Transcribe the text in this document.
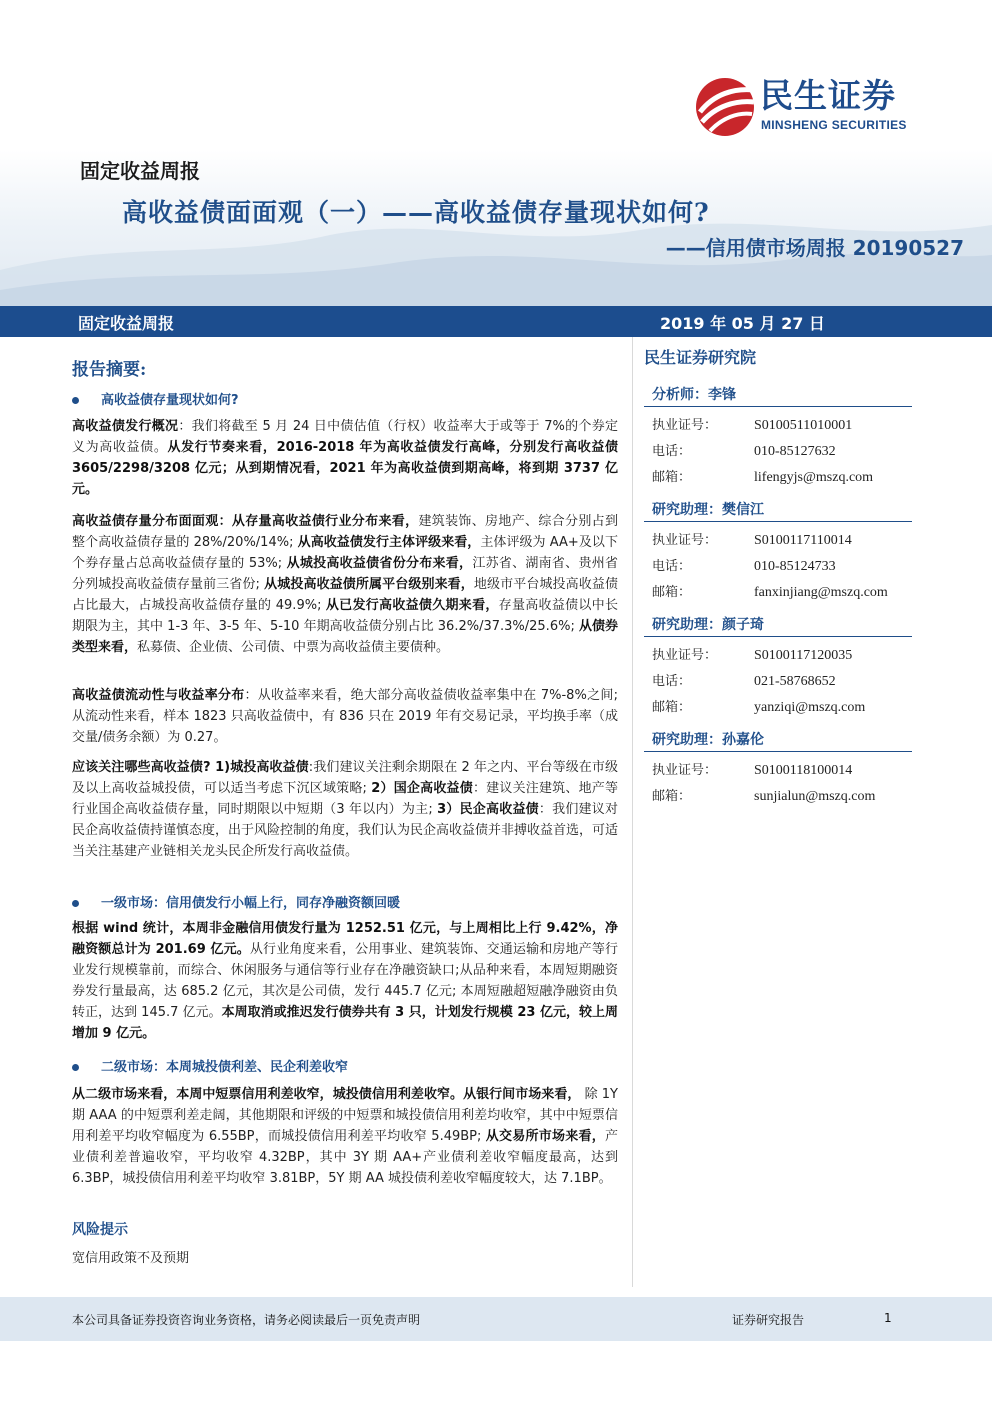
民生证券
MINSHENG SECURITIES
固定收益周报
高收益债面面观（一）——高收益债存量现状如何?
——信用债市场周报 20190527
固定收益周报	2019 年 05 月 27 日
报告摘要:
高收益债存量现状如何?
高收益债发行概况：我们将截至 5 月 24 日中债估值（行权）收益率大于或等于 7%的个券定义为高收益债。从发行节奏来看，2016-2018 年为高收益债发行高峰，分别发行高收益债 3605/2298/3208 亿元；从到期情况看，2021 年为高收益债到期高峰，将到期 3737 亿元。
高收益债存量分布面面观：从存量高收益债行业分布来看，建筑装饰、房地产、综合分别占到整个高收益债存量的 28%/20%/14%; 从高收益债发行主体评级来看，主体评级为 AA+及以下个券存量占总高收益债存量的 53%; 从城投高收益债省份分布来看，江苏省、湖南省、贵州省分列城投高收益债存量前三省份; 从城投高收益债所属平台级别来看，地级市平台城投高收益债占比最大，占城投高收益债存量的 49.9%; 从已发行高收益债久期来看，存量高收益债以中长期限为主，其中 1-3 年、3-5 年、5-10 年期高收益债分别占比 36.2%/37.3%/25.6%; 从债券类型来看，私募债、企业债、公司债、中票为高收益债主要债种。
高收益债流动性与收益率分布：从收益率来看，绝大部分高收益债收益率集中在 7%-8%之间; 从流动性来看，样本 1823 只高收益债中，有 836 只在 2019 年有交易记录，平均换手率（成交量/债务余额）为 0.27。
应该关注哪些高收益债? 1)城投高收益债:我们建议关注剩余期限在 2 年之内、平台等级在市级及以上高收益城投债，可以适当考虑下沉区域策略; 2）国企高收益债：建议关注建筑、地产等行业国企高收益债存量，同时期限以中短期（3 年以内）为主; 3）民企高收益债：我们建议对民企高收益债持谨慎态度，出于风险控制的角度，我们认为民企高收益债并非搏收益首选，可适当关注基建产业链相关龙头民企所发行高收益债。
一级市场：信用债发行小幅上行，同存净融资额回暖
根据 wind 统计，本周非金融信用债发行量为 1252.51 亿元，与上周相比上行 9.42%，净融资额总计为 201.69 亿元。从行业角度来看，公用事业、建筑装饰、交通运输和房地产等行业发行规模靠前，而综合、休闲服务与通信等行业存在净融资缺口;从品种来看，本周短期融资券发行量最高，达 685.2 亿元，其次是公司债，发行 445.7 亿元; 本周短融超短融净融资由负转正，达到 145.7 亿元。本周取消或推迟发行债券共有 3 只，计划发行规模 23 亿元，较上周增加 9 亿元。
二级市场：本周城投债利差、民企利差收窄
从二级市场来看，本周中短票信用利差收窄，城投债信用利差收窄。从银行间市场来看， 除 1Y 期 AAA 的中短票利差走阔，其他期限和评级的中短票和城投债信用利差均收窄，其中中短票信用利差平均收窄幅度为 6.55BP，而城投债信用利差平均收窄 5.49BP; 从交易所市场来看，产业债利差普遍收窄，平均收窄 4.32BP，其中 3Y 期 AA+产业债利差收窄幅度最高，达到 6.3BP，城投债信用利差平均收窄 3.81BP，5Y 期 AA 城投债利差收窄幅度较大，达 7.1BP。
风险提示
宽信用政策不及预期
民生证券研究院
分析师：李锋
执业证号：	S0100511010001
电话：	010-85127632
邮箱：	lifengyjs@mszq.com
研究助理：樊信江
执业证号：	S0100117110014
电话：	010-85124733
邮箱：	fanxinjiang@mszq.com
研究助理：颜子琦
执业证号：	S0100117120035
电话：	021-58768652
邮箱：	yanziqi@mszq.com
研究助理：孙嘉伦
执业证号：	S0100118100014
邮箱：	sunjialun@mszq.com
本公司具备证券投资咨询业务资格，请务必阅读最后一页免责声明	证券研究报告	1
